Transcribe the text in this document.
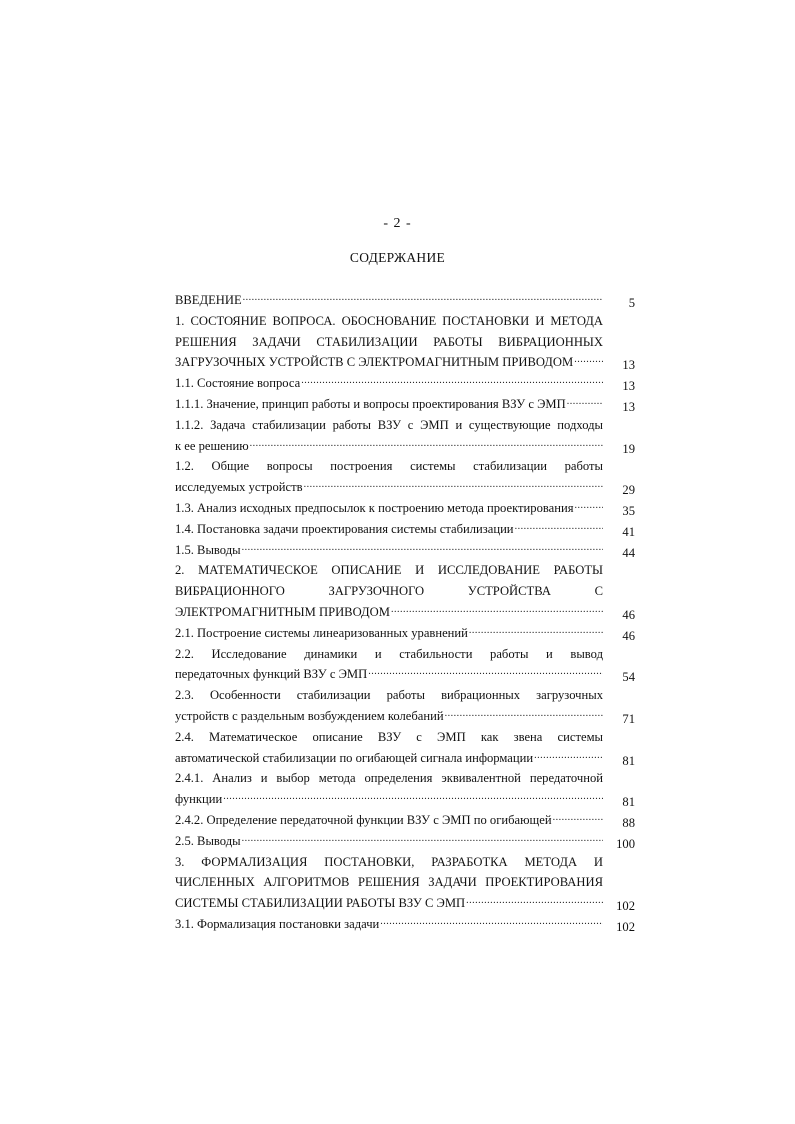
- 2 -
СОДЕРЖАНИЕ
ВВЕДЕНИЕ .....	5
1. СОСТОЯНИЕ ВОПРОСА. ОБОСНОВАНИЕ ПОСТАНОВКИ И МЕТОДА
РЕШЕНИЯ ЗАДАЧИ СТАБИЛИЗАЦИИ РАБОТЫ ВИБРАЦИОННЫХ
ЗАГРУЗОЧНЫХ УСТРОЙСТВ С ЭЛЕКТРОМАГНИТНЫМ ПРИВОДОМ .....	13
1.1. Состояние вопроса .....	13
1.1.1. Значение, принцип работы и вопросы проектирования ВЗУ с ЭМП .....	13
1.1.2. Задача стабилизации работы ВЗУ с ЭМП и существующие подходы
к ее решению .....	19
1.2. Общие вопросы построения системы стабилизации работы
исследуемых устройств .....	29
1.3. Анализ исходных предпосылок к построению метода проектирования .....	35
1.4. Постановка задачи проектирования системы стабилизации .....	41
1.5. Выводы .....	44
2. МАТЕМАТИЧЕСКОЕ ОПИСАНИЕ И ИССЛЕДОВАНИЕ РАБОТЫ
ВИБРАЦИОННОГО ЗАГРУЗОЧНОГО УСТРОЙСТВА С
ЭЛЕКТРОМАГНИТНЫМ ПРИВОДОМ .....	46
2.1. Построение системы линеаризованных уравнений .....	46
2.2. Исследование динамики и стабильности работы и вывод
передаточных функций ВЗУ с ЭМП .....	54
2.3. Особенности стабилизации работы вибрационных загрузочных
устройств с раздельным возбуждением колебаний .....	71
2.4. Математическое описание ВЗУ с ЭМП как звена системы
автоматической стабилизации по огибающей сигнала информации .....	81
2.4.1. Анализ и выбор метода определения эквивалентной передаточной
функции .....	81
2.4.2. Определение передаточной функции ВЗУ с ЭМП по огибающей .....	88
2.5. Выводы .....	100
3. ФОРМАЛИЗАЦИЯ ПОСТАНОВКИ, РАЗРАБОТКА МЕТОДА И
ЧИСЛЕННЫХ АЛГОРИТМОВ РЕШЕНИЯ ЗАДАЧИ ПРОЕКТИРОВАНИЯ
СИСТЕМЫ СТАБИЛИЗАЦИИ РАБОТЫ ВЗУ С ЭМП .....	102
3.1. Формализация постановки задачи .....	102
